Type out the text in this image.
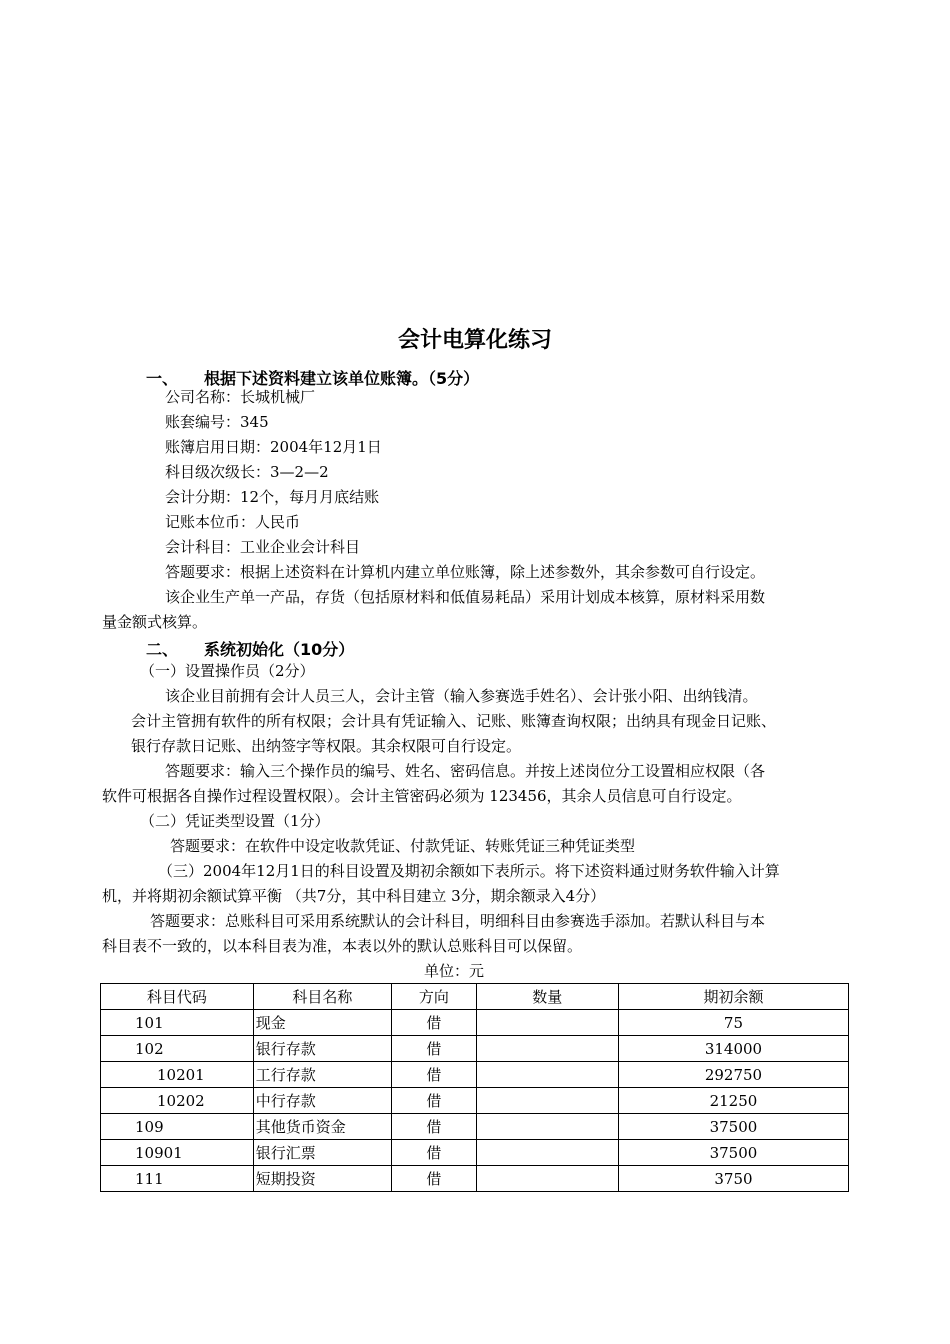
会计电算化练习
一、 根据下述资料建立该单位账簿。（5分）
公司名称：长城机械厂
账套编号：345
账簿启用日期：2004年12月1日
科目级次级长：3—2—2
会计分期：12个，每月月底结账
记账本位币：人民币
会计科目：工业企业会计科目
答题要求：根据上述资料在计算机内建立单位账簿，除上述参数外，其余参数可自行设定。
该企业生产单一产品，存货（包括原材料和低值易耗品）采用计划成本核算，原材料采用数
量金额式核算。
二、 系统初始化（10分）
（一）设置操作员（2分）
该企业目前拥有会计人员三人，会计主管（输入参赛选手姓名）、会计张小阳、出纳钱清。
会计主管拥有软件的所有权限；会计具有凭证输入、记账、账簿查询权限；出纳具有现金日记账、
银行存款日记账、出纳签字等权限。其余权限可自行设定。
答题要求：输入三个操作员的编号、姓名、密码信息。并按上述岗位分工设置相应权限（各
软件可根据各自操作过程设置权限）。会计主管密码必须为 123456，其余人员信息可自行设定。
（二）凭证类型设置（1分）
答题要求：在软件中设定收款凭证、付款凭证、转账凭证三种凭证类型
（三）2004年12月1日的科目设置及期初余额如下表所示。将下述资料通过财务软件输入计算
机，并将期初余额试算平衡 （共7分，其中科目建立 3分，期余额录入4分）
答题要求：总账科目可采用系统默认的会计科目，明细科目由参赛选手添加。若默认科目与本
科目表不一致的，以本科目表为准，本表以外的默认总账科目可以保留。
单位：元
科目代码	科目名称	方向	数量	期初余额
101	现金	借		75
102	银行存款	借		314000
10201	工行存款	借		292750
10202	中行存款	借		21250
109	其他货币资金	借		37500
10901	银行汇票	借		37500
111	短期投资	借		3750
